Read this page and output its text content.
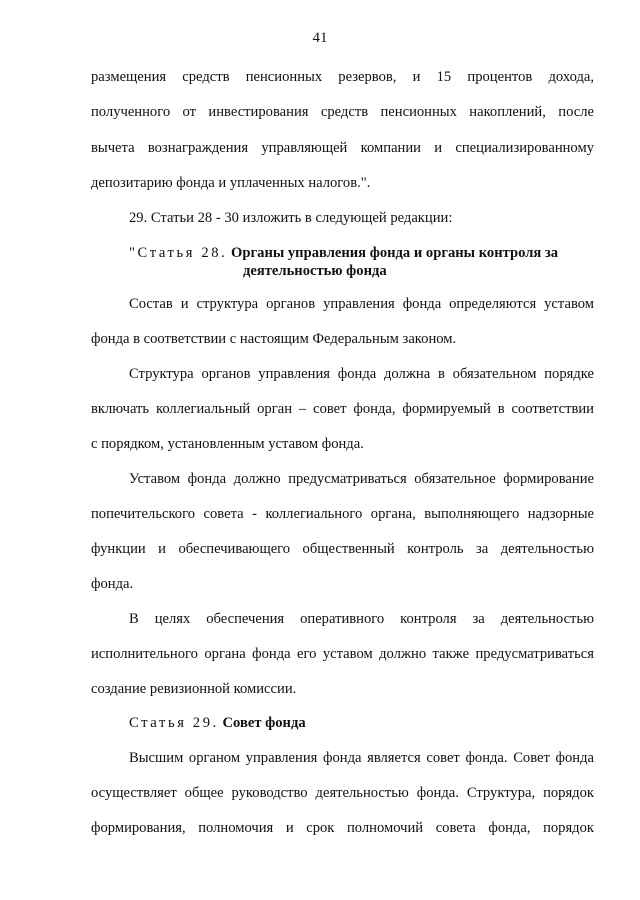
41
размещения средств пенсионных резервов, и 15 процентов дохода,
полученного от инвестирования средств пенсионных накоплений, после
вычета вознаграждения управляющей компании и специализированному
депозитарию фонда и уплаченных налогов.".
29. Статьи 28 - 30 изложить в следующей редакции:
"Статья 28. Органы управления фонда и органы контроля за
деятельностью фонда
Состав и структура органов управления фонда определяются уставом
фонда в соответствии с настоящим Федеральным законом.
Структура органов управления фонда должна в обязательном порядке
включать коллегиальный орган – совет фонда, формируемый в соответствии
с порядком, установленным уставом фонда.
Уставом фонда должно предусматриваться обязательное формирование
попечительского совета - коллегиального органа, выполняющего надзорные
функции и обеспечивающего общественный контроль за деятельностью
фонда.
В целях обеспечения оперативного контроля за деятельностью
исполнительного органа фонда его уставом должно также предусматриваться
создание ревизионной комиссии.
Статья 29. Совет фонда
Высшим органом управления фонда является совет фонда. Совет фонда
осуществляет общее руководство деятельностью фонда. Структура, порядок
формирования, полномочия и срок полномочий совета фонда, порядок
